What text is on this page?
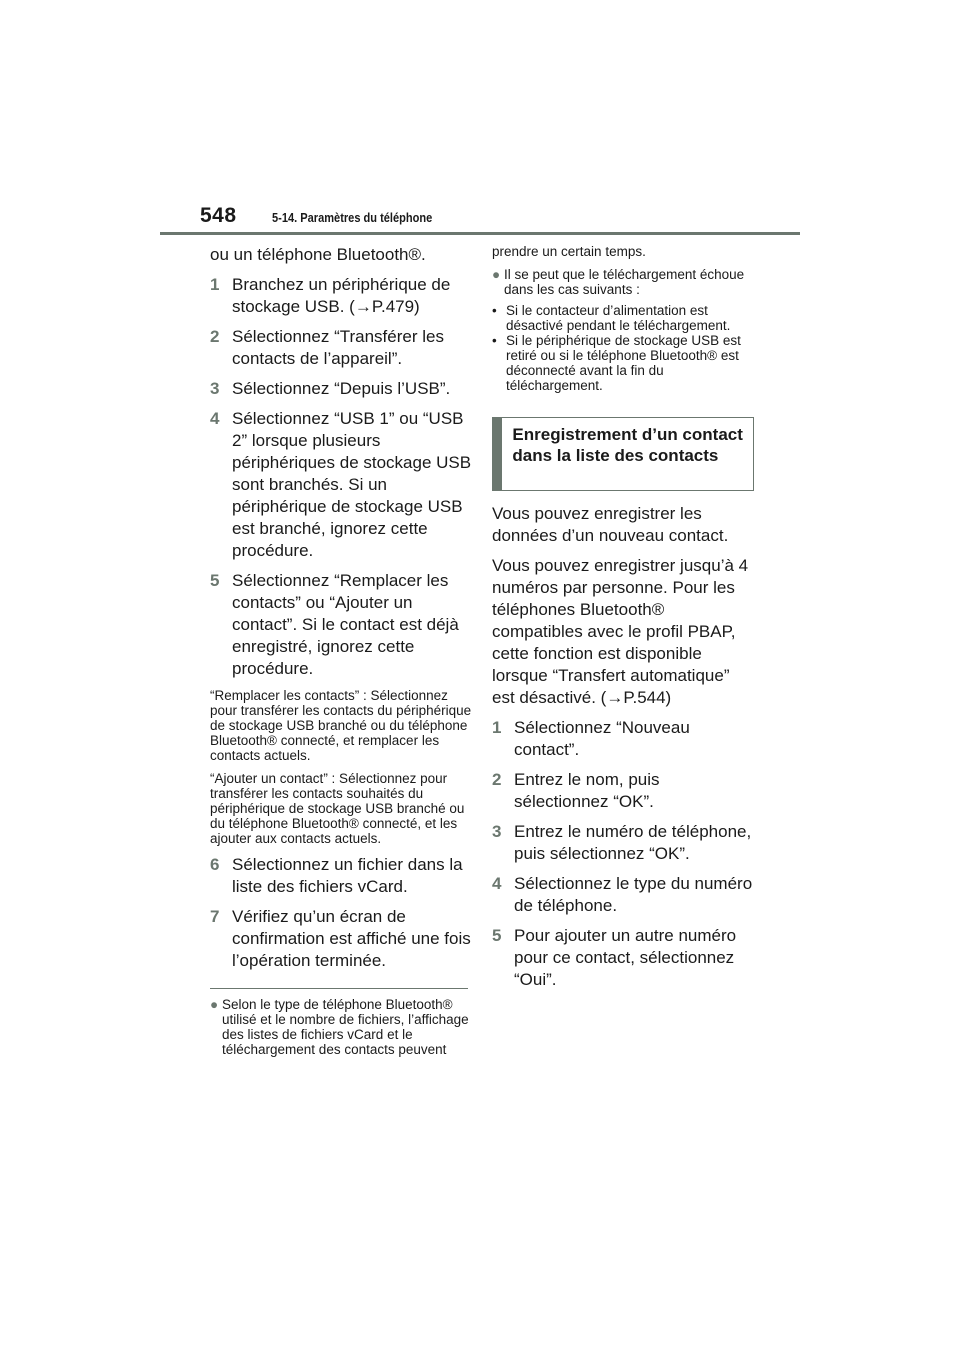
548	5-14. Paramètres du téléphone

ou un téléphone Bluetooth®.

1 Branchez un périphérique de stockage USB. (→P.479)
2 Sélectionnez “Transférer les contacts de l’appareil”.
3 Sélectionnez “Depuis l’USB”.
4 Sélectionnez “USB 1” ou “USB 2” lorsque plusieurs périphériques de stockage USB sont branchés. Si un périphérique de stockage USB est branché, ignorez cette procédure.
5 Sélectionnez “Remplacer les contacts” ou “Ajouter un contact”. Si le contact est déjà enregistré, ignorez cette procédure.

“Remplacer les contacts” : Sélectionnez pour transférer les contacts du périphérique de stockage USB branché ou du téléphone Bluetooth® connecté, et remplacer les contacts actuels.

“Ajouter un contact” : Sélectionnez pour transférer les contacts souhaités du périphérique de stockage USB branché ou du téléphone Bluetooth® connecté, et les ajouter aux contacts actuels.

6 Sélectionnez un fichier dans la liste des fichiers vCard.
7 Vérifiez qu’un écran de confirmation est affiché une fois l’opération terminée.
● Selon le type de téléphone Bluetooth® utilisé et le nombre de fichiers, l’affichage des listes de fichiers vCard et le téléchargement des contacts peuvent

prendre un certain temps.

● Il se peut que le téléchargement échoue dans les cas suivants :
• Si le contacteur d’alimentation est désactivé pendant le téléchargement.
• Si le périphérique de stockage USB est retiré ou si le téléphone Bluetooth® est déconnecté avant la fin du téléchargement.
Enregistrement d’un contact dans la liste des contacts

Vous pouvez enregistrer les données d’un nouveau contact.

Vous pouvez enregistrer jusqu’à 4 numéros par personne. Pour les téléphones Bluetooth® compatibles avec le profil PBAP, cette fonction est disponible lorsque “Transfert automatique” est désactivé. (→P.544)

1 Sélectionnez “Nouveau contact”.
2 Entrez le nom, puis sélectionnez “OK”.
3 Entrez le numéro de téléphone, puis sélectionnez “OK”.
4 Sélectionnez le type du numéro de téléphone.
5 Pour ajouter un autre numéro pour ce contact, sélectionnez “Oui”.
